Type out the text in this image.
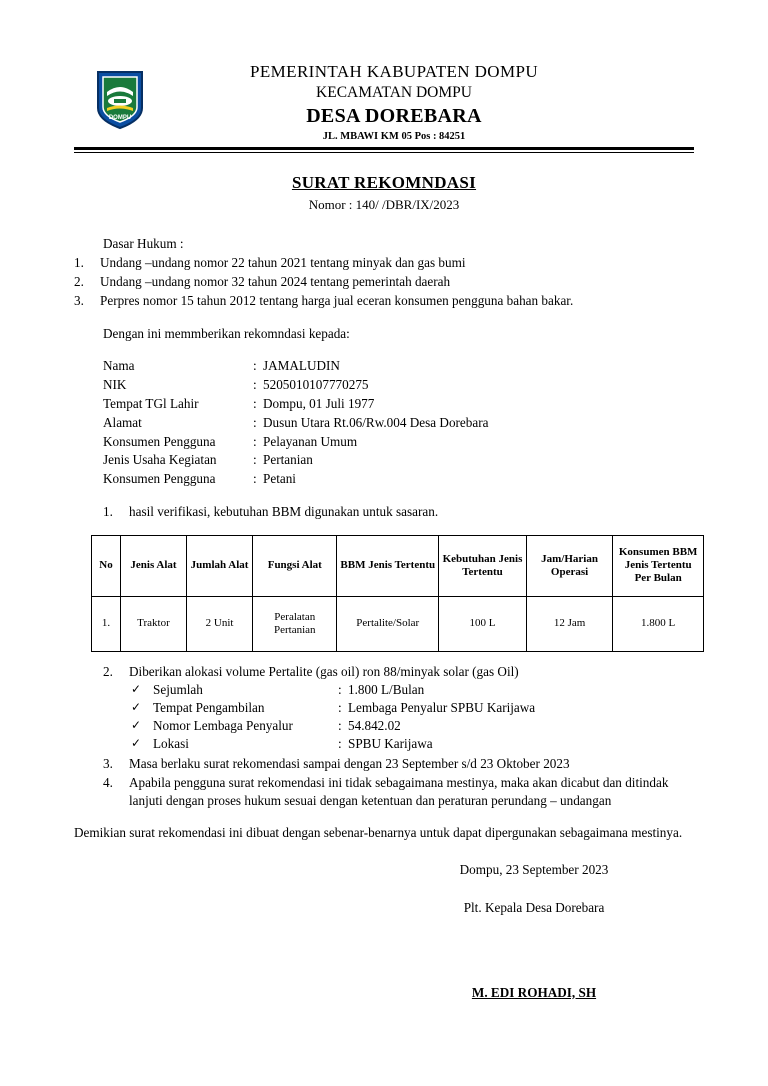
DOMPU
PEMERINTAH KABUPATEN DOMPU
KECAMATAN DOMPU
DESA DOREBARA
JL. MBAWI KM 05 Pos : 84251
SURAT REKOMNDASI
Nomor : 140/ /DBR/IX/2023
Dasar Hukum :
1. Undang –undang nomor 22 tahun 2021 tentang minyak dan gas bumi
2. Undang –undang nomor 32 tahun 2024 tentang pemerintah daerah
3. Perpres nomor 15 tahun 2012 tentang harga jual eceran konsumen pengguna bahan bakar.
Dengan ini memmberikan rekomndasi kepada:
Nama	:	JAMALUDIN
NIK	:	5205010107770275
Tempat TGl Lahir	:	Dompu, 01 Juli 1977
Alamat	:	Dusun Utara Rt.06/Rw.004 Desa Dorebara
Konsumen Pengguna	:	Pelayanan Umum
Jenis Usaha Kegiatan	:	Pertanian
Konsumen Pengguna	:	Petani
1. hasil verifikasi, kebutuhan BBM digunakan untuk sasaran.
No	Jenis Alat	Jumlah Alat	Fungsi Alat	BBM Jenis Tertentu	Kebutuhan Jenis Tertentu	Jam/Harian Operasi	Konsumen BBM Jenis Tertentu Per Bulan
1.	Traktor	2 Unit	Peralatan Pertanian	Pertalite/Solar	100 L	12 Jam	1.800 L
2. Diberikan alokasi volume Pertalite (gas oil) ron 88/minyak solar (gas Oil)
✓ Sejumlah	: 1.800 L/Bulan
✓ Tempat Pengambilan	: Lembaga Penyalur SPBU Karijawa
✓ Nomor Lembaga Penyalur	: 54.842.02
✓ Lokasi	: SPBU Karijawa
3. Masa berlaku surat rekomendasi sampai dengan 23 September s/d 23 Oktober 2023
4. Apabila pengguna surat rekomendasi ini tidak sebagaimana mestinya, maka akan dicabut dan ditindak lanjuti dengan proses hukum sesuai dengan ketentuan dan peraturan perundang – undangan
Demikian surat rekomendasi ini dibuat dengan sebenar-benarnya untuk dapat dipergunakan sebagaimana mestinya.
Dompu, 23 September 2023
Plt. Kepala Desa Dorebara
M. EDI ROHADI, SH
